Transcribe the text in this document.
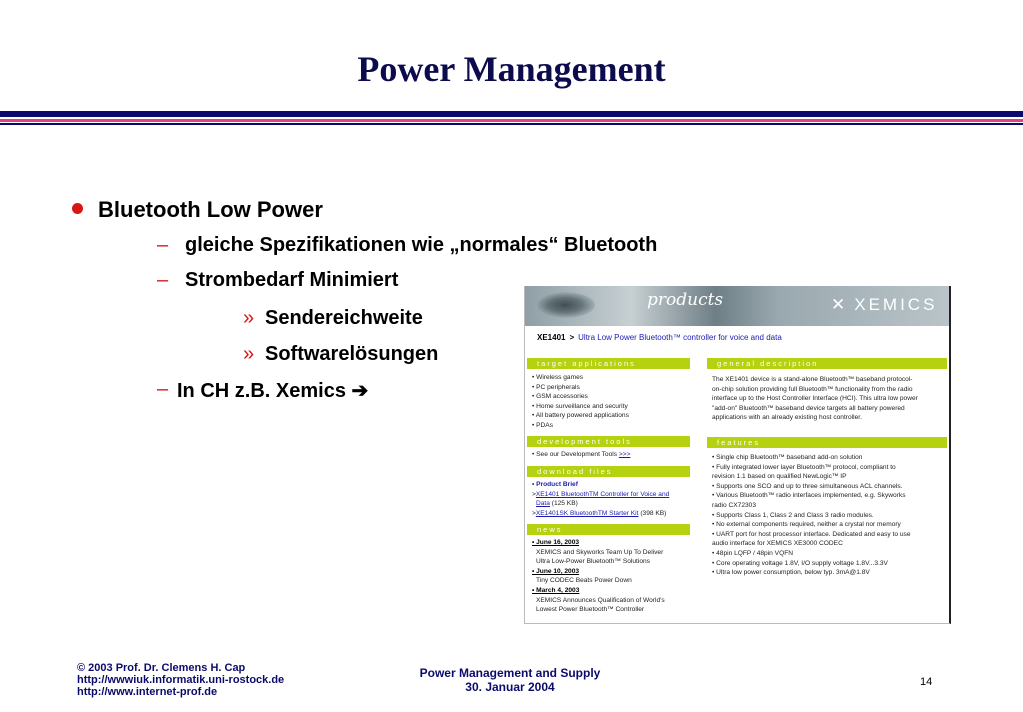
Power Management
Bluetooth Low Power
– gleiche Spezifikationen wie „normales“ Bluetooth
– Strombedarf Minimiert
» Sendereichweite
» Softwarelösungen
– In CH z.B. Xemics ➔
products	✕ XEMICS
XE1401 > Ultra Low Power Bluetooth™ controller for voice and data
target applications
• Wireless games
• PC peripherals
• GSM accessories
• Home surveillance and security
• All battery powered applications
• PDAs
development tools
• See our Development Tools >>>
download files
• Product Brief
>XE1401 BluetoothTM Controller for Voice and
Data (125 KB)
>XE1401SK BluetoothTM Starter Kit (398 KB)
news
• June 16, 2003
XEMICS and Skyworks Team Up To Deliver
Ultra Low-Power Bluetooth™ Solutions
• June 10, 2003
Tiny CODEC Beats Power Down
• March 4, 2003
XEMICS Announces Qualification of World's
Lowest Power Bluetooth™ Controller
general description
The XE1401 device is a stand-alone Bluetooth™ baseband protocol-
on-chip solution providing full Bluetooth™ functionality from the radio
interface up to the Host Controller Interface (HCI). This ultra low power
"add-on" Bluetooth™ baseband device targets all battery powered
applications with an already existing host controller.
features
• Single chip Bluetooth™ baseband add-on solution
• Fully integrated lower layer Bluetooth™ protocol, compliant to
revision 1.1 based on qualified NewLogic™ IP
• Supports one SCO and up to three simultaneous ACL channels.
• Various Bluetooth™ radio interfaces implemented, e.g. Skyworks
radio CX72303
• Supports Class 1, Class 2 and Class 3 radio modules.
• No external components required, neither a crystal nor memory
• UART port for host processor interface. Dedicated and easy to use
audio interface for XEMICS XE3000 CODEC
• 48pin LQFP / 48pin VQFN
• Core operating voltage 1.8V, I/O supply voltage 1.8V...3.3V
• Ultra low power consumption, below typ. 3mA@1.8V
© 2003 Prof. Dr. Clemens H. Cap
http://wwwiuk.informatik.uni-rostock.de
http://www.internet-prof.de
Power Management and Supply
30. Januar 2004	14
